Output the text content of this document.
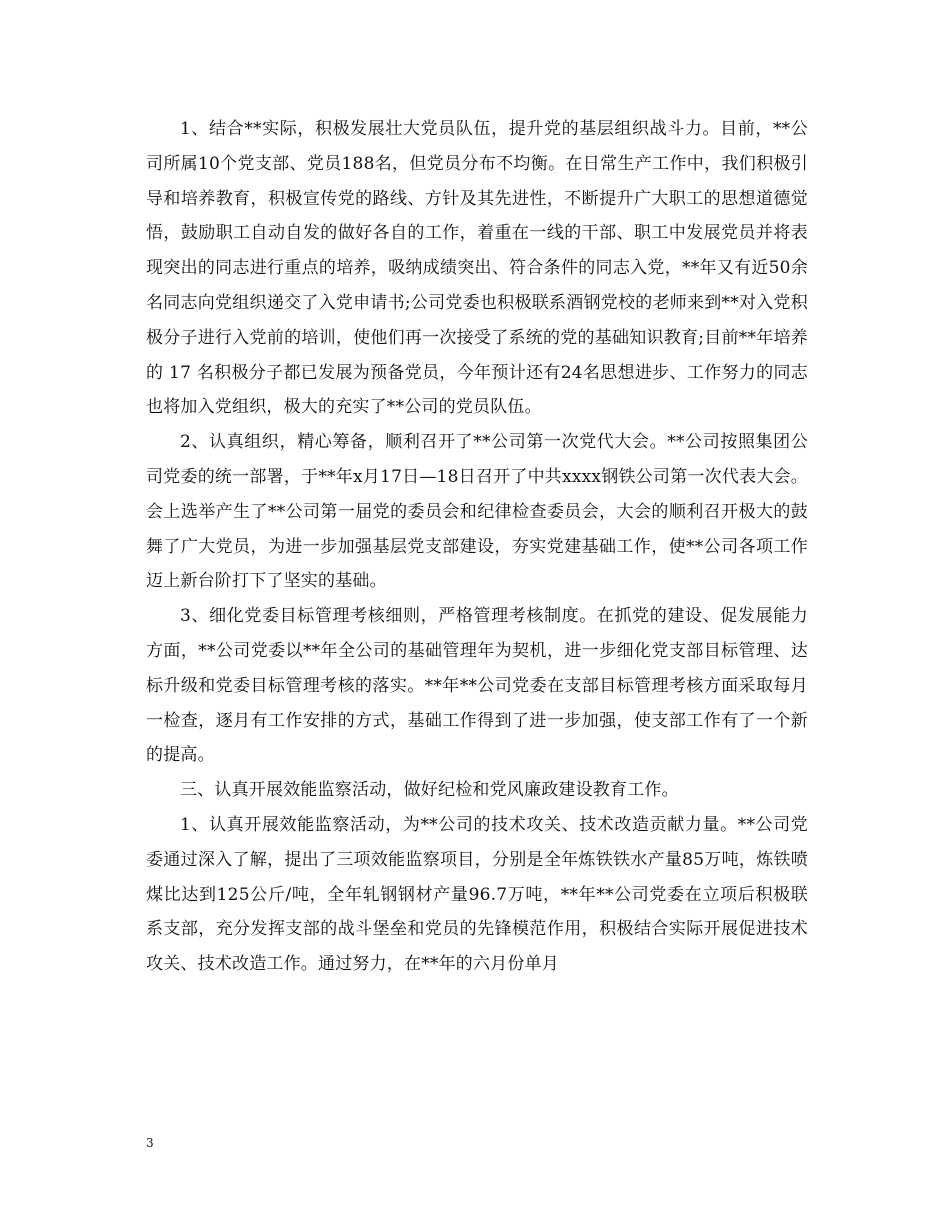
1、结合**实际，积极发展壮大党员队伍，提升党的基层组织战斗力。目前，**公司所属10个党支部、党员188名，但党员分布不均衡。在日常生产工作中，我们积极引导和培养教育，积极宣传党的路线、方针及其先进性，不断提升广大职工的思想道德觉悟，鼓励职工自动自发的做好各自的工作，着重在一线的干部、职工中发展党员并将表现突出的同志进行重点的培养，吸纳成绩突出、符合条件的同志入党，**年又有近50余名同志向党组织递交了入党申请书;公司党委也积极联系酒钢党校的老师来到**对入党积极分子进行入党前的培训，使他们再一次接受了系统的党的基础知识教育;目前**年培养的 17 名积极分子都已发展为预备党员，今年预计还有24名思想进步、工作努力的同志也将加入党组织，极大的充实了**公司的党员队伍。

2、认真组织，精心筹备，顺利召开了**公司第一次党代大会。**公司按照集团公司党委的统一部署，于**年x月17日—18日召开了中共xxxx钢铁公司第一次代表大会。会上选举产生了**公司第一届党的委员会和纪律检查委员会，大会的顺利召开极大的鼓舞了广大党员，为进一步加强基层党支部建设，夯实党建基础工作，使**公司各项工作迈上新台阶打下了坚实的基础。

3、细化党委目标管理考核细则，严格管理考核制度。在抓党的建设、促发展能力方面，**公司党委以**年全公司的基础管理年为契机，进一步细化党支部目标管理、达标升级和党委目标管理考核的落实。**年**公司党委在支部目标管理考核方面采取每月一检查，逐月有工作安排的方式，基础工作得到了进一步加强，使支部工作有了一个新的提高。

三、认真开展效能监察活动，做好纪检和党风廉政建设教育工作。

1、认真开展效能监察活动，为**公司的技术攻关、技术改造贡献力量。**公司党委通过深入了解，提出了三项效能监察项目，分别是全年炼铁铁水产量85万吨，炼铁喷煤比达到125公斤/吨，全年轧钢钢材产量96.7万吨，**年**公司党委在立项后积极联系支部，充分发挥支部的战斗堡垒和党员的先锋模范作用，积极结合实际开展促进技术攻关、技术改造工作。通过努力，在**年的六月份单月

3
